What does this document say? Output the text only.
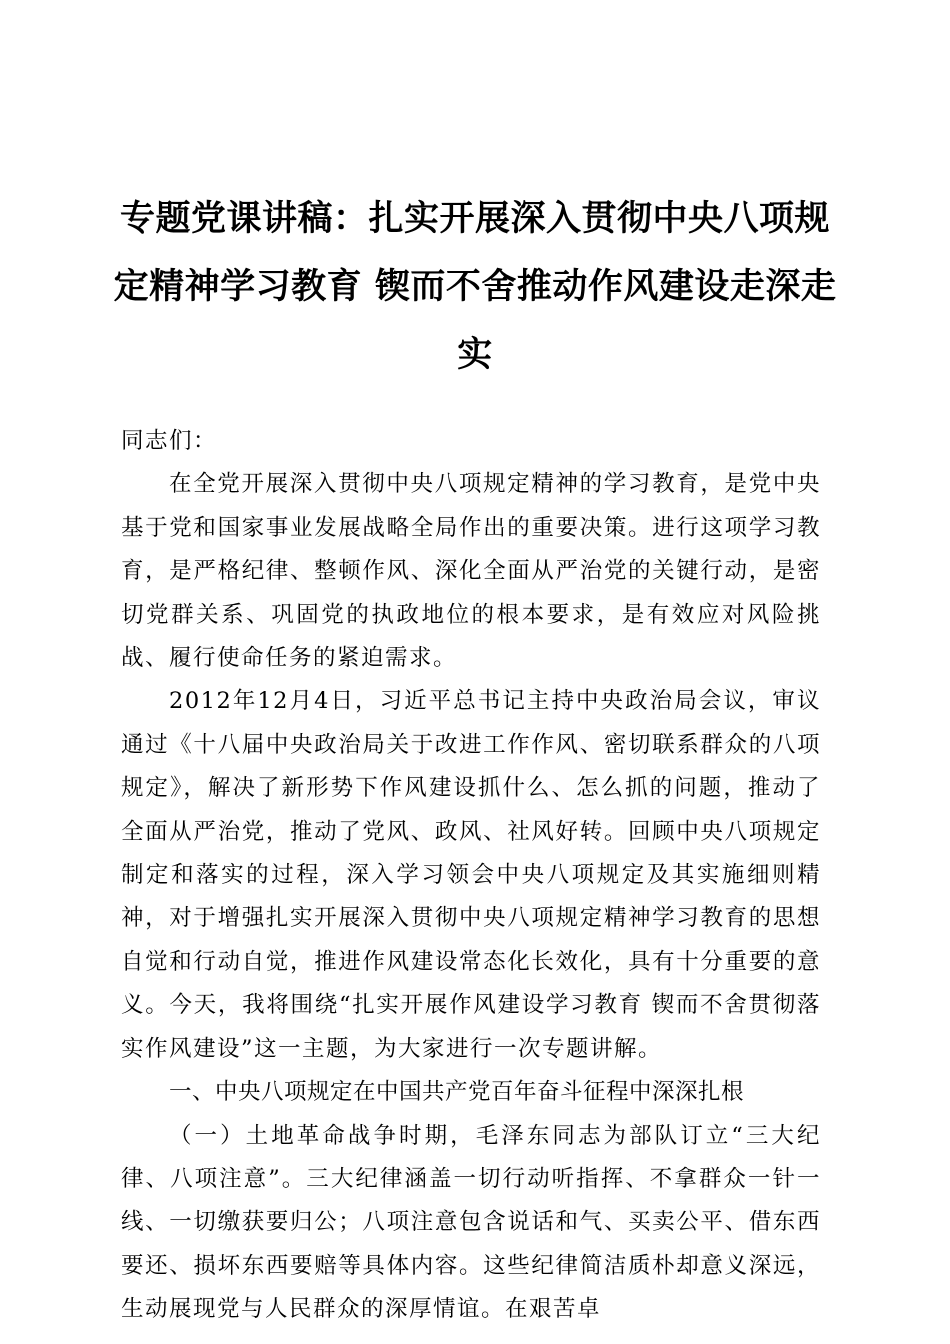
专题党课讲稿：扎实开展深入贯彻中央八项规定精神学习教育 锲而不舍推动作风建设走深走实

同志们：

在全党开展深入贯彻中央八项规定精神的学习教育，是党中央基于党和国家事业发展战略全局作出的重要决策。进行这项学习教育，是严格纪律、整顿作风、深化全面从严治党的关键行动，是密切党群关系、巩固党的执政地位的根本要求，是有效应对风险挑战、履行使命任务的紧迫需求。

2012年12月4日，习近平总书记主持中央政治局会议，审议通过《十八届中央政治局关于改进工作作风、密切联系群众的八项规定》，解决了新形势下作风建设抓什么、怎么抓的问题，推动了全面从严治党，推动了党风、政风、社风好转。回顾中央八项规定制定和落实的过程，深入学习领会中央八项规定及其实施细则精神，对于增强扎实开展深入贯彻中央八项规定精神学习教育的思想自觉和行动自觉，推进作风建设常态化长效化，具有十分重要的意义。今天，我将围绕“扎实开展作风建设学习教育 锲而不舍贯彻落实作风建设”这一主题，为大家进行一次专题讲解。

一、中央八项规定在中国共产党百年奋斗征程中深深扎根

（一）土地革命战争时期，毛泽东同志为部队订立“三大纪律、八项注意”。三大纪律涵盖一切行动听指挥、不拿群众一针一线、一切缴获要归公；八项注意包含说话和气、买卖公平、借东西要还、损坏东西要赔等具体内容。这些纪律简洁质朴却意义深远，生动展现党与人民群众的深厚情谊。在艰苦卓
